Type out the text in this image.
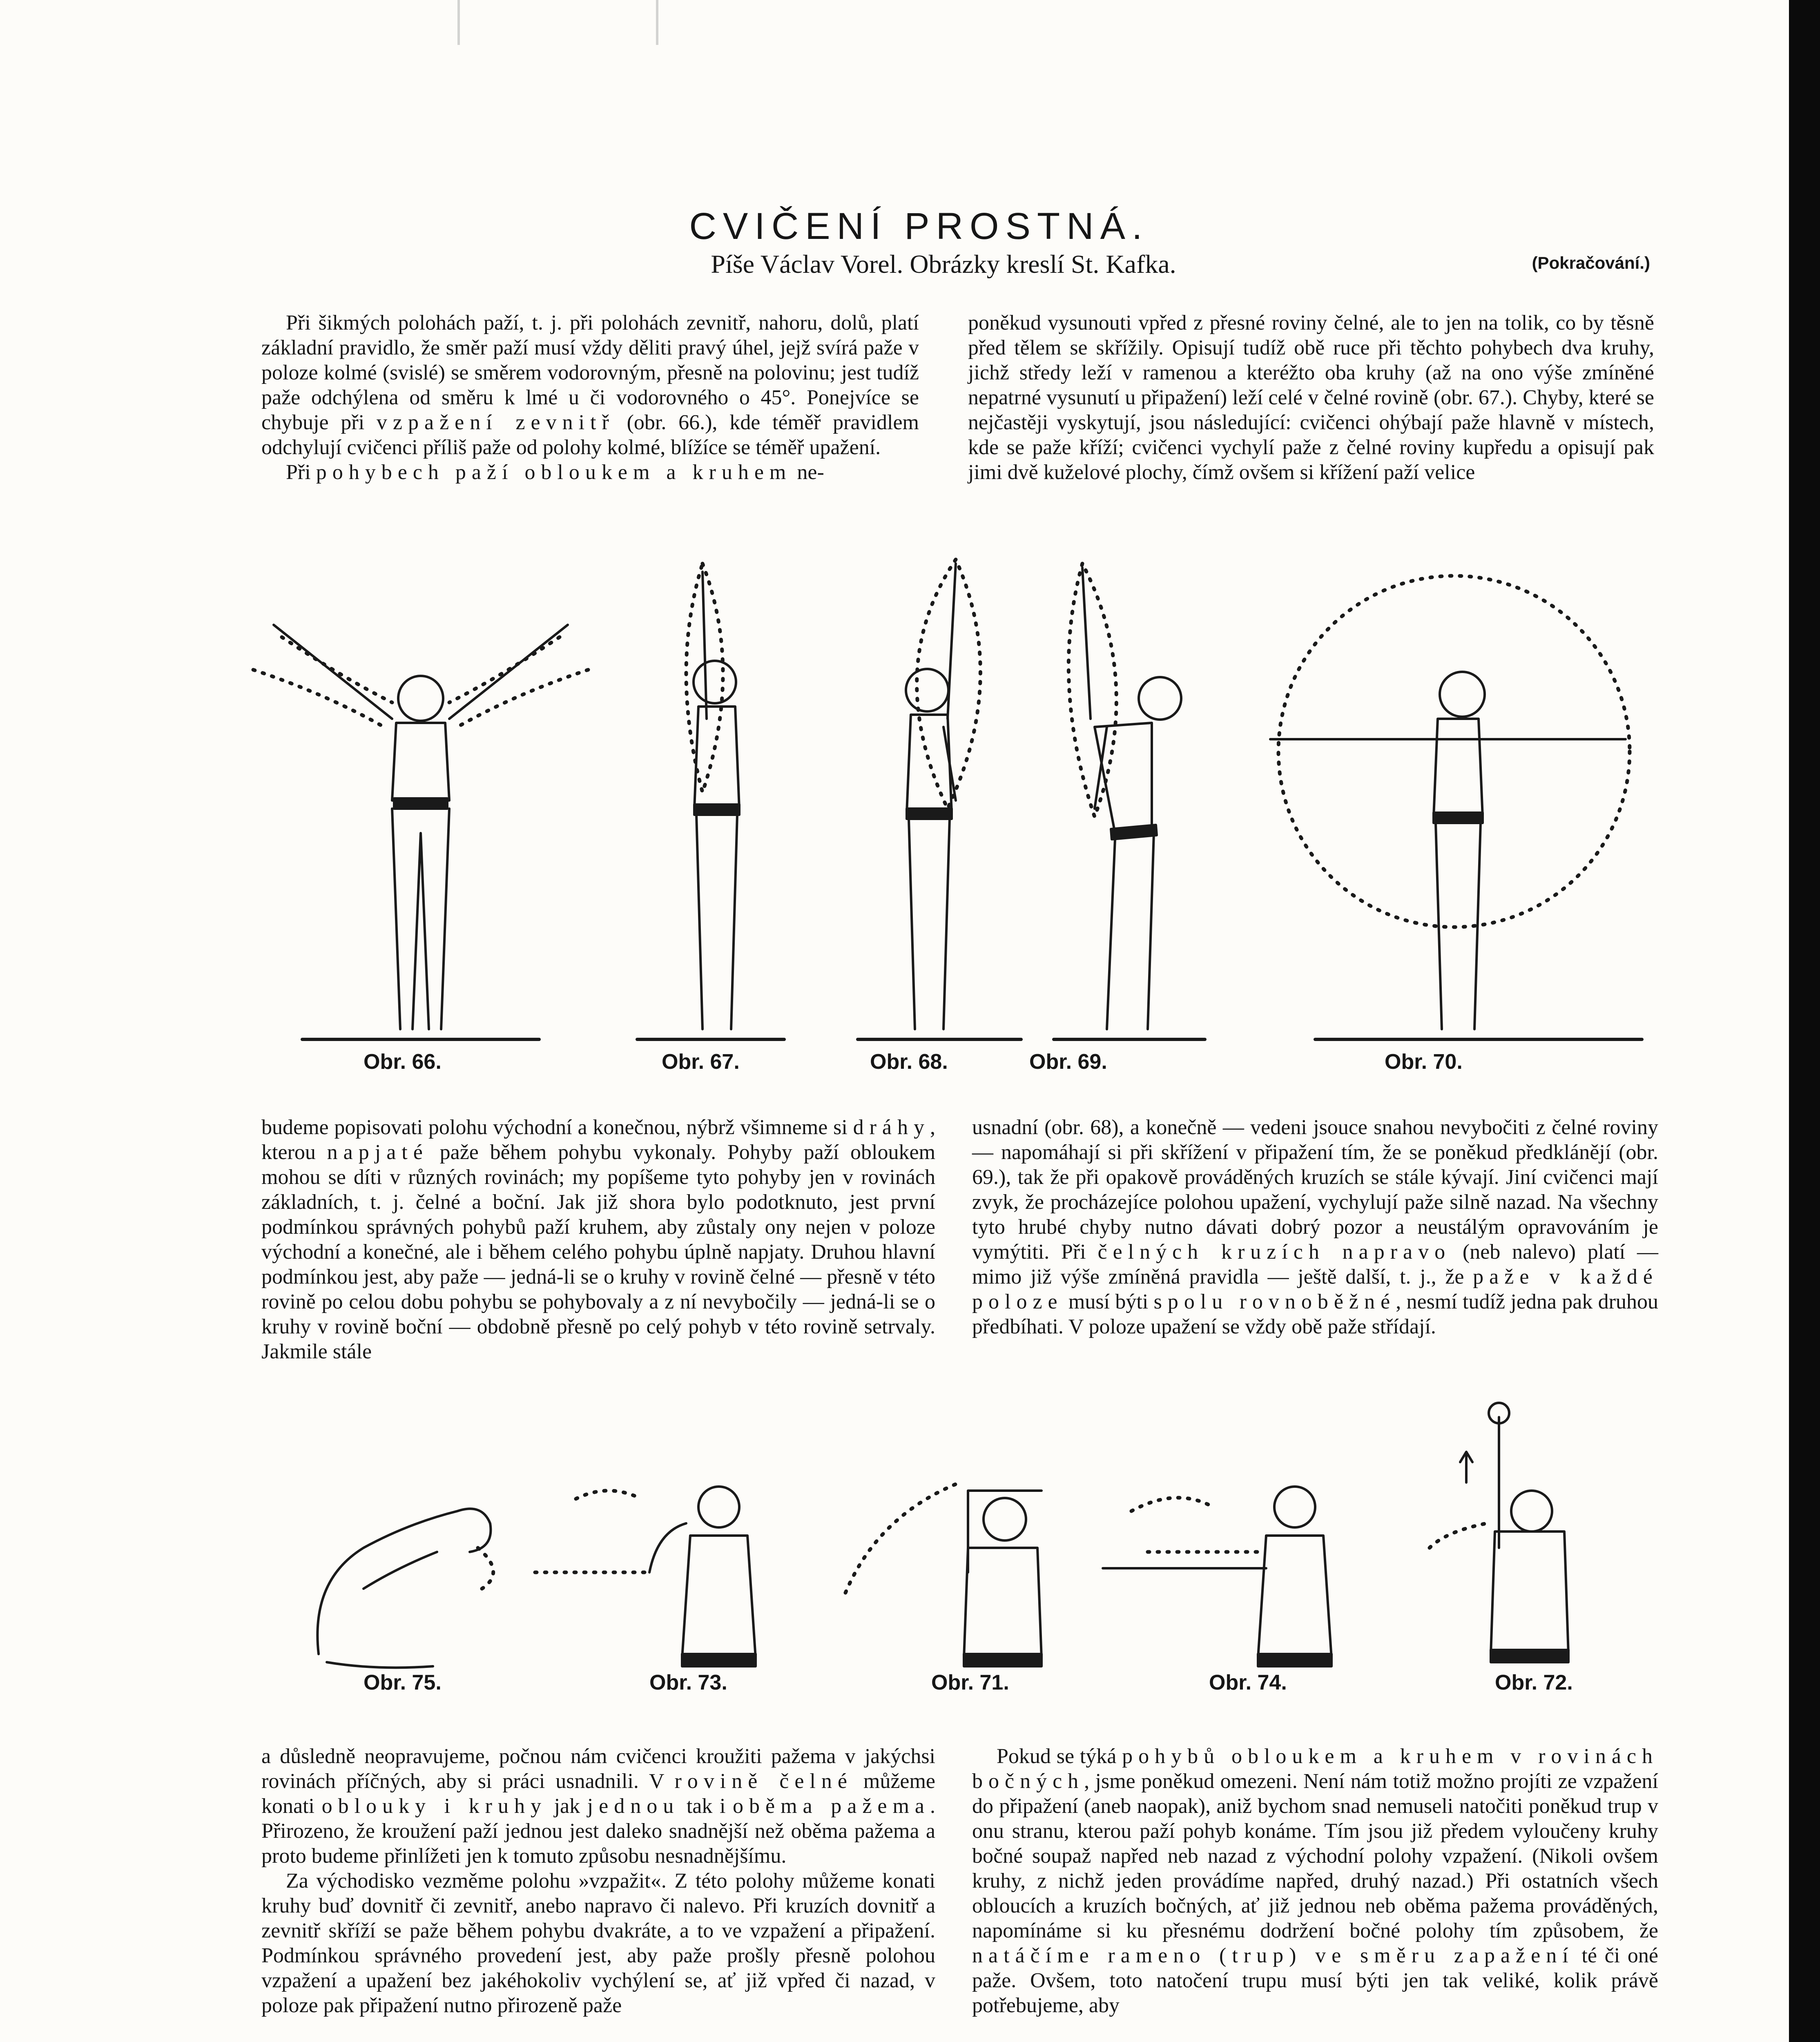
CVIČENÍ PROSTNÁ.
Píše Václav Vorel. Obrázky kreslí St. Kafka.	(Pokračování.)

Při šikmých polohách paží, t. j. při polohách zevnitř, nahoru, dolů, platí základní pravidlo, že směr paží musí vždy děliti pravý úhel, jejž svírá paže v poloze kolmé (svislé) se směrem vodorovným, přesně na polovinu; jest tudíž paže odchýlena od směru k lmé u či vodorovného o 45°. Ponejvíce se chybuje při vzpažení zevnitř (obr. 66.), kde téměř pravidlem odchylují cvičenci příliš paže od polohy kolmé, blížíce se téměř upažení.

Při pohybech paží obloukem a kruhem ne-

poněkud vysunouti vpřed z přesné roviny čelné, ale to jen na tolik, co by těsně před tělem se skřížily. Opisují tudíž obě ruce při těchto pohybech dva kruhy, jichž středy leží v ramenou a kteréžto oba kruhy (až na ono výše zmíněné nepatrné vysunutí u připažení) leží celé v čelné rovině (obr. 67.). Chyby, které se nejčastěji vyskytují, jsou následující: cvičenci ohýbají paže hlavně v místech, kde se paže kříží; cvičenci vychylí paže z čelné roviny kupředu a opisují pak jimi dvě kuželové plochy, čímž ovšem si křížení paží velice

Obr. 66.	Obr. 67.	Obr. 68.	Obr. 69.	Obr. 70.

budeme popisovati polohu východní a konečnou, nýbrž všimneme si dráhy, kterou napjaté paže během pohybu vykonaly. Pohyby paží obloukem mohou se díti v různých rovinách; my popíšeme tyto pohyby jen v rovinách základních, t. j. čelné a boční. Jak již shora bylo podotknuto, jest první podmínkou správných pohybů paží kruhem, aby zůstaly ony nejen v poloze východní a konečné, ale i během celého pohybu úplně napjaty. Druhou hlavní podmínkou jest, aby paže — jedná-li se o kruhy v rovině čelné — přesně v této rovině po celou dobu pohybu se pohybovaly a z ní nevybočily — jedná-li se o kruhy v rovině boční — obdobně přesně po celý pohyb v této rovině setrvaly. Jakmile stále

usnadní (obr. 68), a konečně — vedeni jsouce snahou nevybočiti z čelné roviny — napomáhají si při skřížení v připažení tím, že se poněkud předklánějí (obr. 69.), tak že při opakově prováděných kruzích se stále kývají. Jiní cvičenci mají zvyk, že procházejíce polohou upažení, vychylují paže silně nazad. Na všechny tyto hrubé chyby nutno dávati dobrý pozor a neustálým opravováním je vymýtiti. Při čelných kruzích napravo (neb nalevo) platí — mimo již výše zmíněná pravidla — ještě další, t. j., že paže v každé poloze musí býti spolu rovnoběžné, nesmí tudíž jedna pak druhou předbíhati. V poloze upažení se vždy obě paže střídají.

Obr. 75.	Obr. 73.	Obr. 71.	Obr. 74.	Obr. 72.

a důsledně neopravujeme, počnou nám cvičenci kroužiti pažema v jakýchsi rovinách příčných, aby si práci usnadnili. V rovině čelné můžeme konati oblouky i kruhy jak jednou tak i oběma pažema. Přirozeno, že kroužení paží jednou jest daleko snadnější než oběma pažema a proto budeme přinlížeti jen k tomuto způsobu nesnadnějšímu.

Za východisko vezměme polohu »vzpažit«. Z této polohy můžeme konati kruhy buď dovnitř či zevnitř, anebo napravo či nalevo. Při kruzích dovnitř a zevnitř skříží se paže během pohybu dvakráte, a to ve vzpažení a připažení. Podmínkou správného provedení jest, aby paže prošly přesně polohou vzpažení a upažení bez jakéhokoliv vychýlení se, ať již vpřed či nazad, v poloze pak připažení nutno přirozeně paže

Pokud se týká pohybů obloukem a kruhem v rovinách bočných, jsme poněkud omezeni. Není nám totiž možno projíti ze vzpažení do připažení (aneb naopak), aniž bychom snad nemuseli natočiti poněkud trup v onu stranu, kterou paží pohyb konáme. Tím jsou již předem vyloučeny kruhy bočné soupaž napřed neb nazad z východní polohy vzpažení. (Nikoli ovšem kruhy, z nichž jeden provádíme napřed, druhý nazad.) Při ostatních všech obloucích a kruzích bočných, ať již jednou neb oběma pažema prováděných, napomínáme si ku přesnému dodržení bočné polohy tím způsobem, že natáčíme rameno (trup) ve směru zapažení té či oné paže. Ovšem, toto natočení trupu musí býti jen tak veliké, kolik právě potřebujeme, aby
